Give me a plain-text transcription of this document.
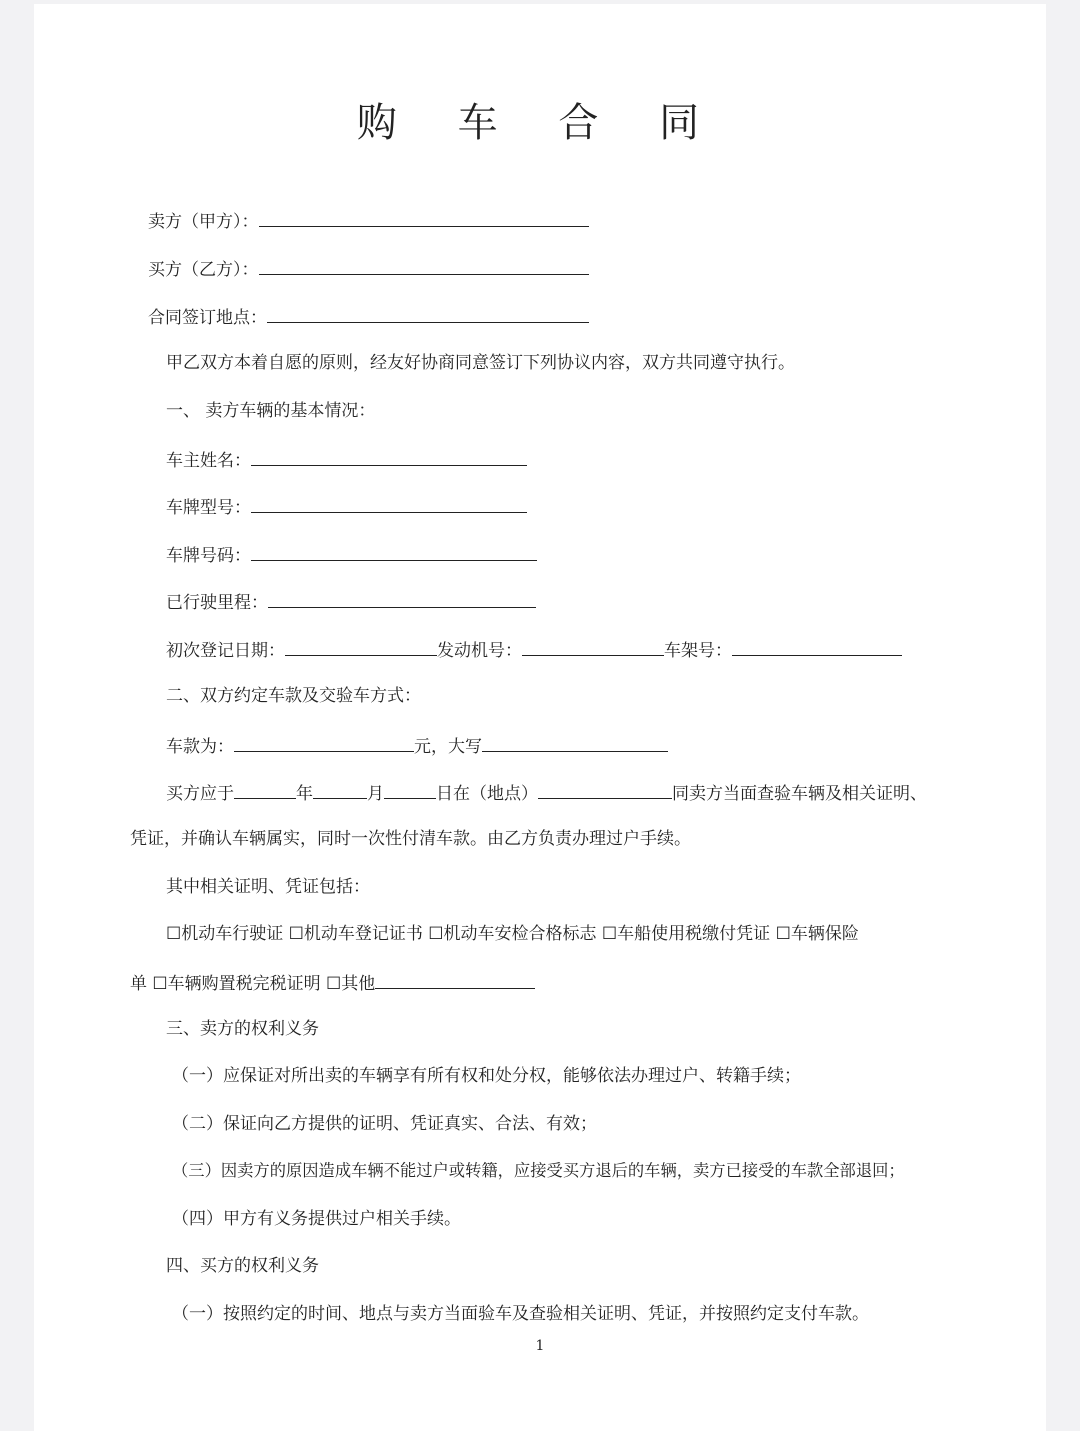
购 车 合 同
卖方（甲方）：
买方（乙方）：
合同签订地点：
甲乙双方本着自愿的原则，经友好协商同意签订下列协议内容，双方共同遵守执行。
一、 卖方车辆的基本情况：
车主姓名：
车牌型号：
车牌号码：
已行驶里程：
初次登记日期：	发动机号：	车架号：
二、双方约定车款及交验车方式：
车款为：	元，大写
买方应于	年	月	日在（地点）	同卖方当面查验车辆及相关证明、
凭证，并确认车辆属实，同时一次性付清车款。由乙方负责办理过户手续。
其中相关证明、凭证包括：
☐机动车行驶证 ☐机动车登记证书 ☐机动车安检合格标志 ☐车船使用税缴付凭证 ☐车辆保险
单 ☐车辆购置税完税证明 ☐其他
三、卖方的权利义务
（一）应保证对所出卖的车辆享有所有权和处分权，能够依法办理过户、转籍手续；
（二）保证向乙方提供的证明、凭证真实、合法、有效；
（三）因卖方的原因造成车辆不能过户或转籍，应接受买方退后的车辆，卖方已接受的车款全部退回；
（四）甲方有义务提供过户相关手续。
四、买方的权利义务
（一）按照约定的时间、地点与卖方当面验车及查验相关证明、凭证，并按照约定支付车款。
1
